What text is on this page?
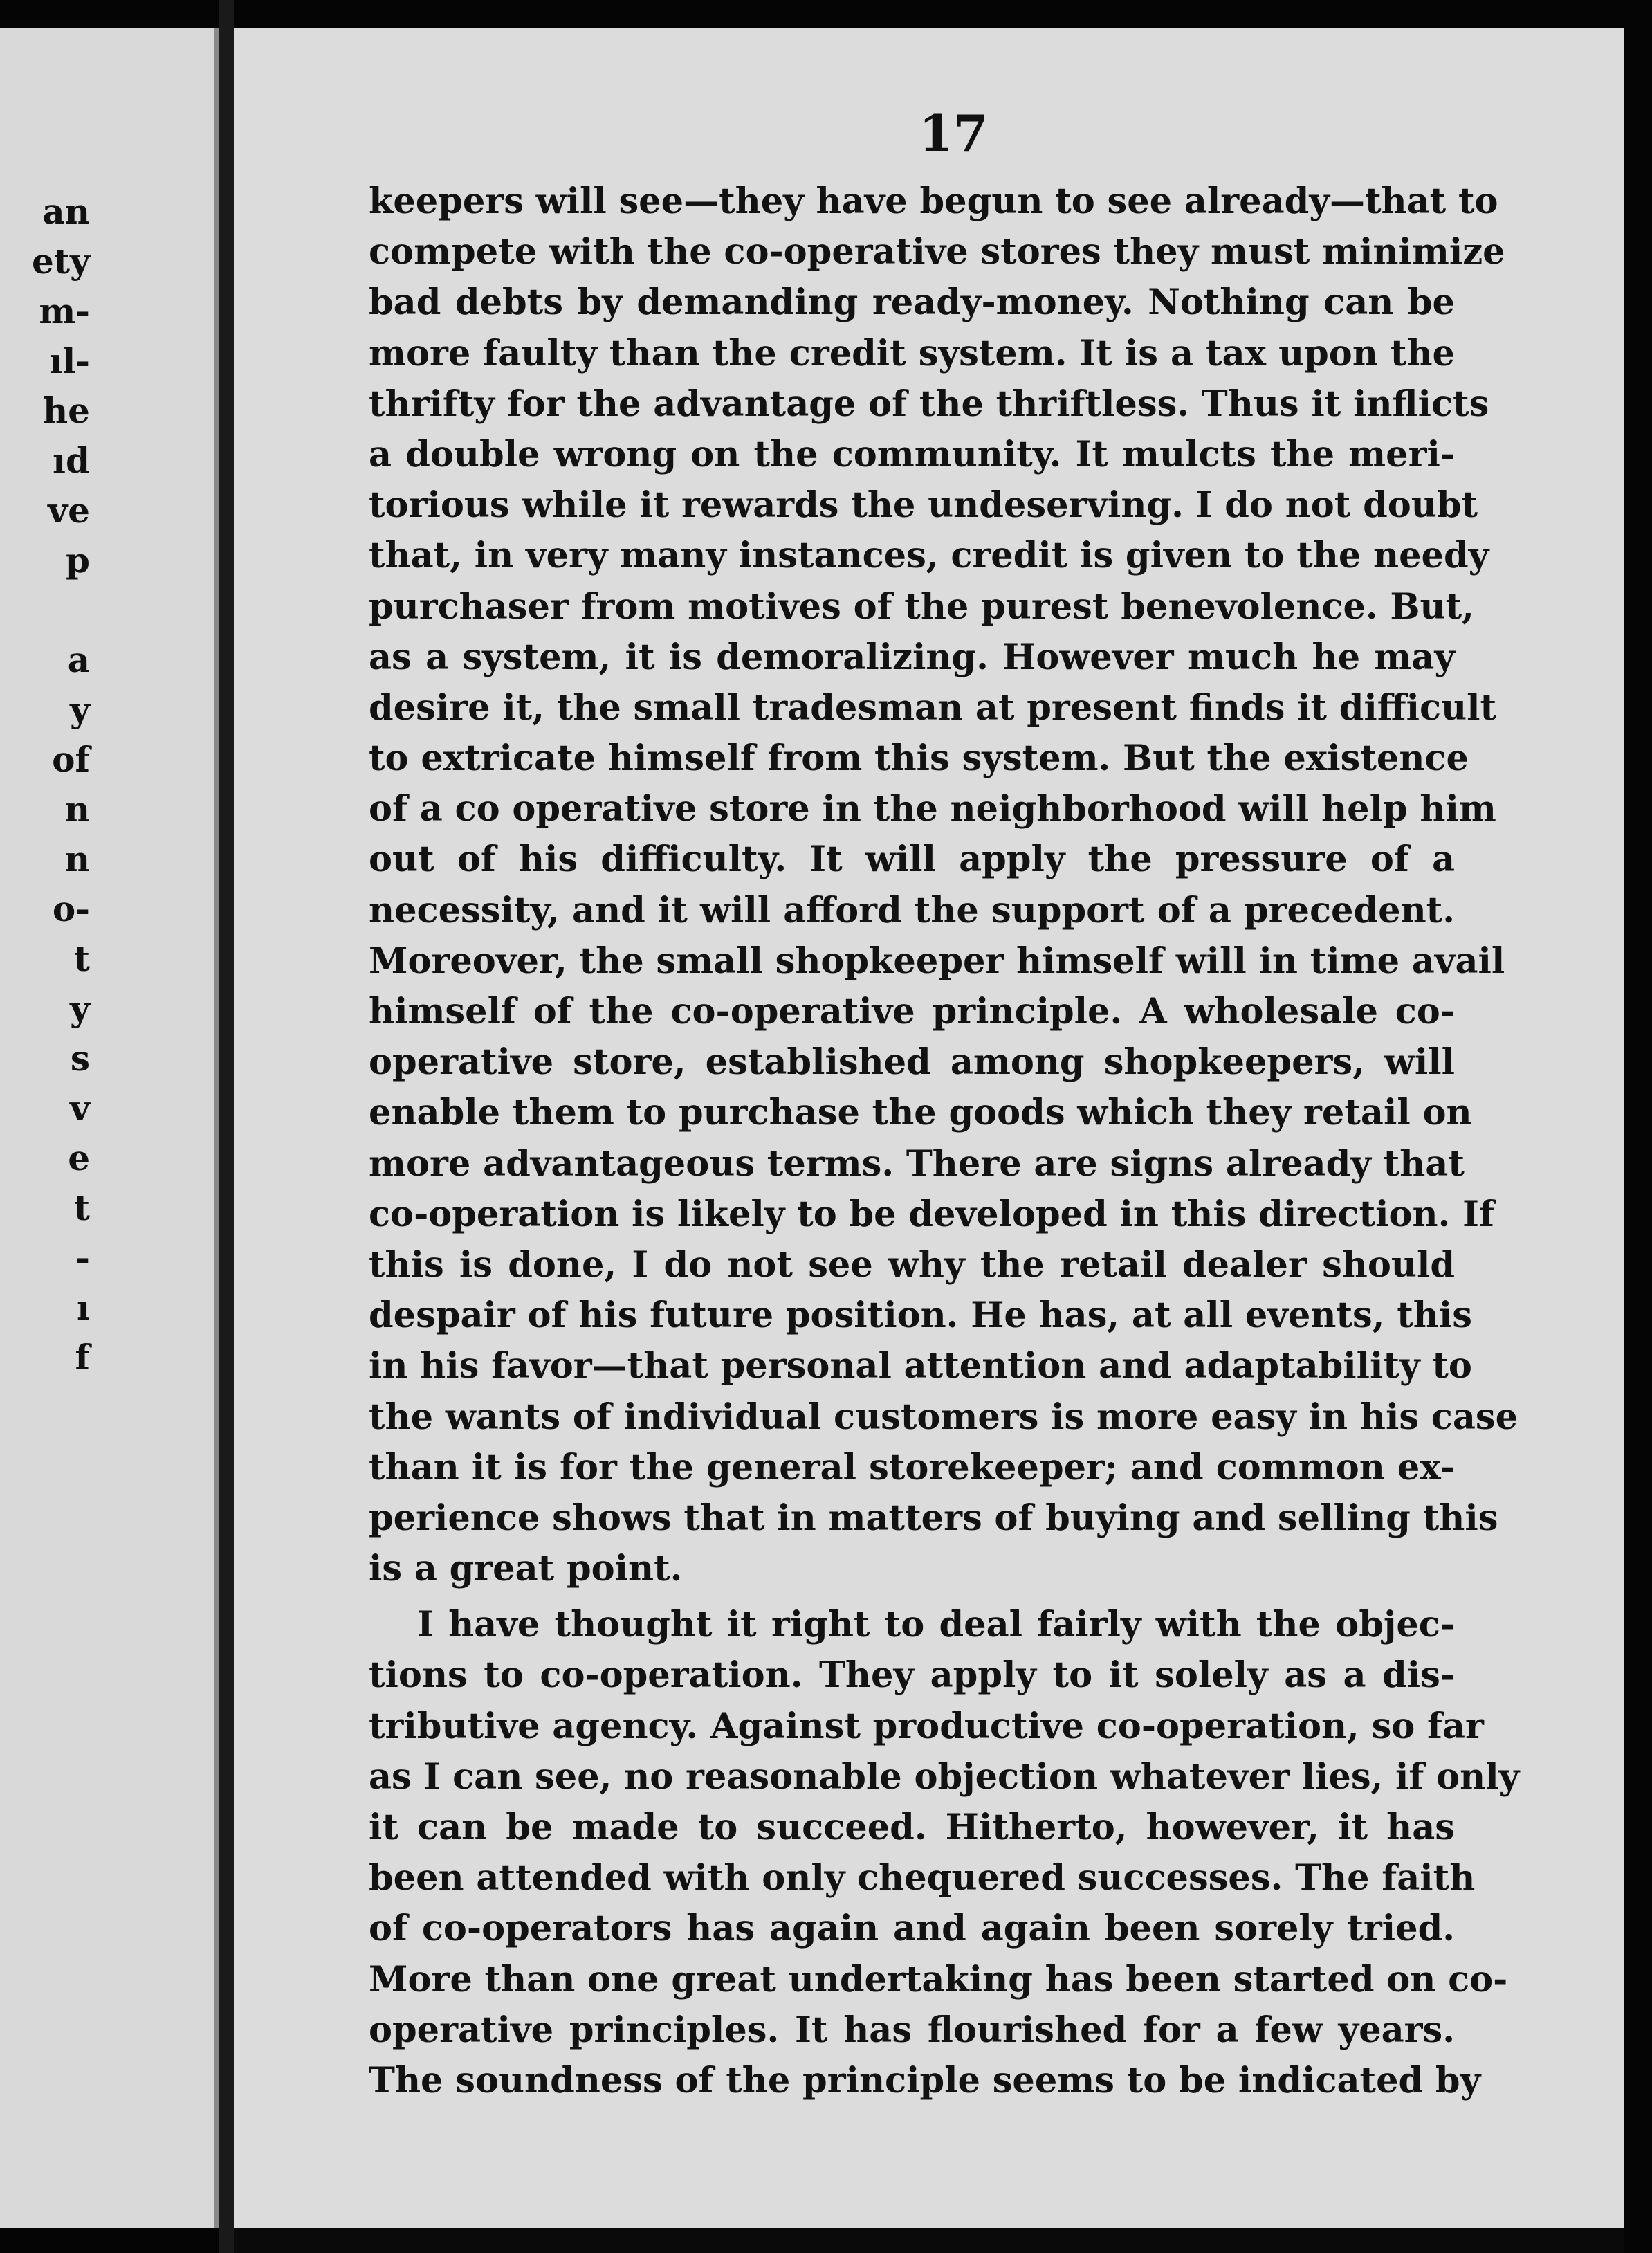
an
ety
m-
ıl-
he
ıd
ve
p
a
y
of
n
n
o-
t
y
s
v
e
t
-
ı
f
17
keepers will see—they have begun to see already—that to
compete with the co-operative stores they must minimize
bad debts by demanding ready-money. Nothing can be
more faulty than the credit system. It is a tax upon the
thrifty for the advantage of the thriftless. Thus it inflicts
a double wrong on the community. It mulcts the meri-
torious while it rewards the undeserving. I do not doubt
that, in very many instances, credit is given to the needy
purchaser from motives of the purest benevolence. But,
as a system, it is demoralizing. However much he may
desire it, the small tradesman at present finds it difficult
to extricate himself from this system. But the existence
of a co operative store in the neighborhood will help him
out of his difficulty. It will apply the pressure of a
necessity, and it will afford the support of a precedent.
Moreover, the small shopkeeper himself will in time avail
himself of the co-operative principle. A wholesale co-
operative store, established among shopkeepers, will
enable them to purchase the goods which they retail on
more advantageous terms. There are signs already that
co-operation is likely to be developed in this direction. If
this is done, I do not see why the retail dealer should
despair of his future position. He has, at all events, this
in his favor—that personal attention and adaptability to
the wants of individual customers is more easy in his case
than it is for the general storekeeper; and common ex-
perience shows that in matters of buying and selling this
is a great point.
I have thought it right to deal fairly with the objec-
tions to co-operation. They apply to it solely as a dis-
tributive agency. Against productive co-operation, so far
as I can see, no reasonable objection whatever lies, if only
it can be made to succeed. Hitherto, however, it has
been attended with only chequered successes. The faith
of co-operators has again and again been sorely tried.
More than one great undertaking has been started on co-
operative principles. It has flourished for a few years.
The soundness of the principle seems to be indicated by
